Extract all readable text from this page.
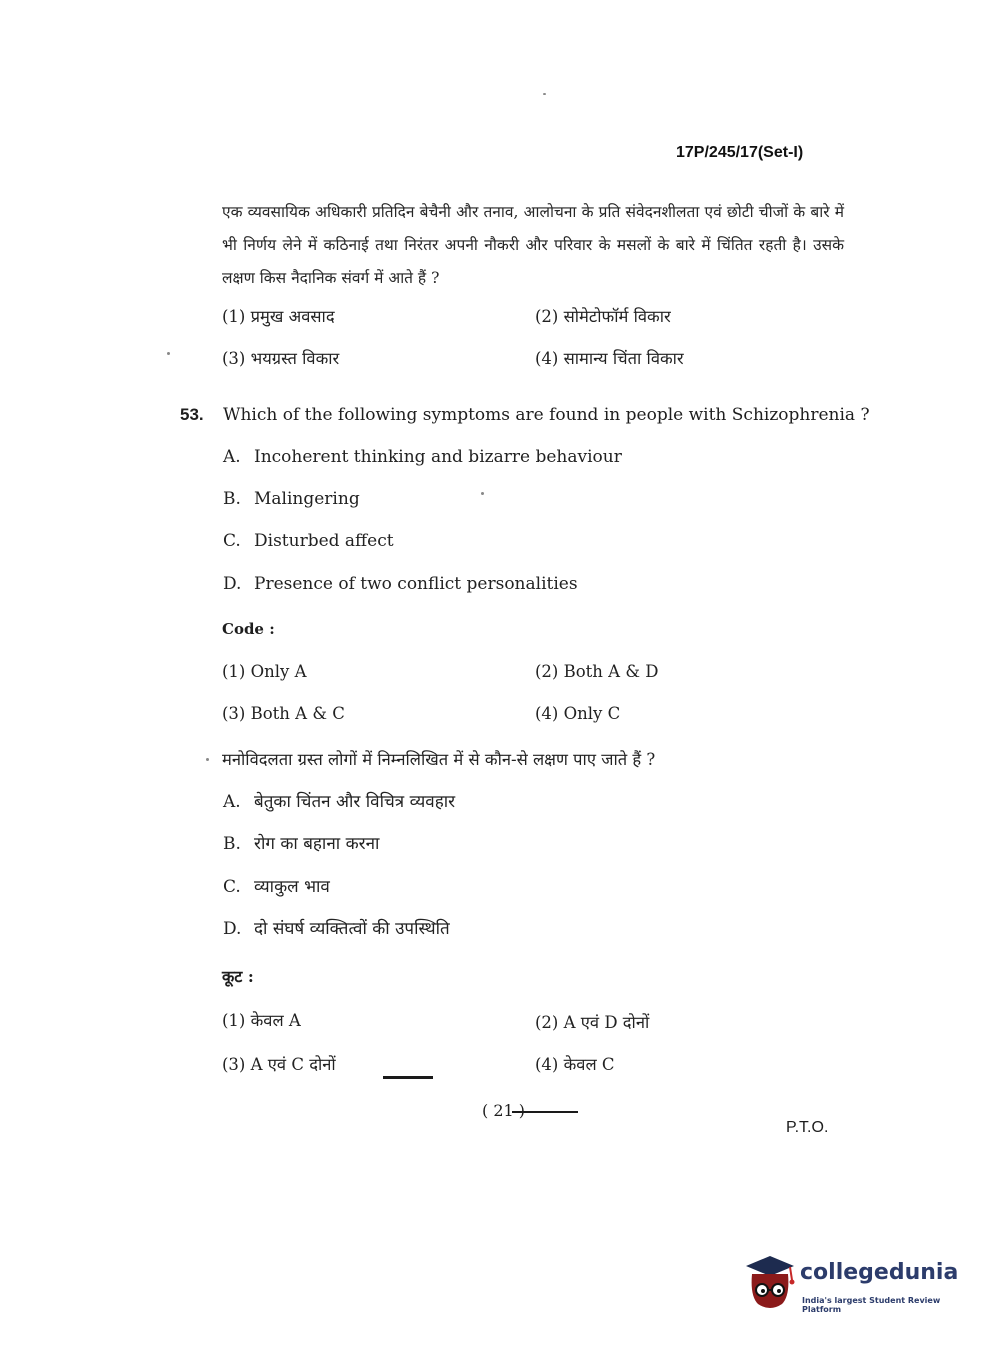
17P/245/17(Set-I)
एक व्यवसायिक अधिकारी प्रतिदिन बेचैनी और तनाव, आलोचना के प्रति संवेदनशीलता एवं छोटी चीजों के बारे में भी निर्णय लेने में कठिनाई तथा निरंतर अपनी नौकरी और परिवार के मसलों के बारे में चिंतित रहती है। उसके लक्षण किस नैदानिक संवर्ग में आते हैं ?
(1) प्रमुख अवसाद	(2) सोमेटोफॉर्म विकार
(3) भयग्रस्त विकार	(4) सामान्य चिंता विकार
53. Which of the following symptoms are found in people with Schizophrenia ?
A. Incoherent thinking and bizarre behaviour
B. Malingering
C. Disturbed affect
D. Presence of two conflict personalities
Code :
(1) Only A	(2) Both A & D
(3) Both A & C	(4) Only C
मनोविदलता ग्रस्त लोगों में निम्नलिखित में से कौन-से लक्षण पाए जाते हैं ?
A. बेतुका चिंतन और विचित्र व्यवहार
B. रोग का बहाना करना
C. व्याकुल भाव
D. दो संघर्ष व्यक्तित्वों की उपस्थिति
कूट :
(1) केवल A	(2) A एवं D दोनों
(3) A एवं C दोनों	(4) केवल C
( 21 )
P.T.O.
collegedunia
India's largest Student Review Platform
